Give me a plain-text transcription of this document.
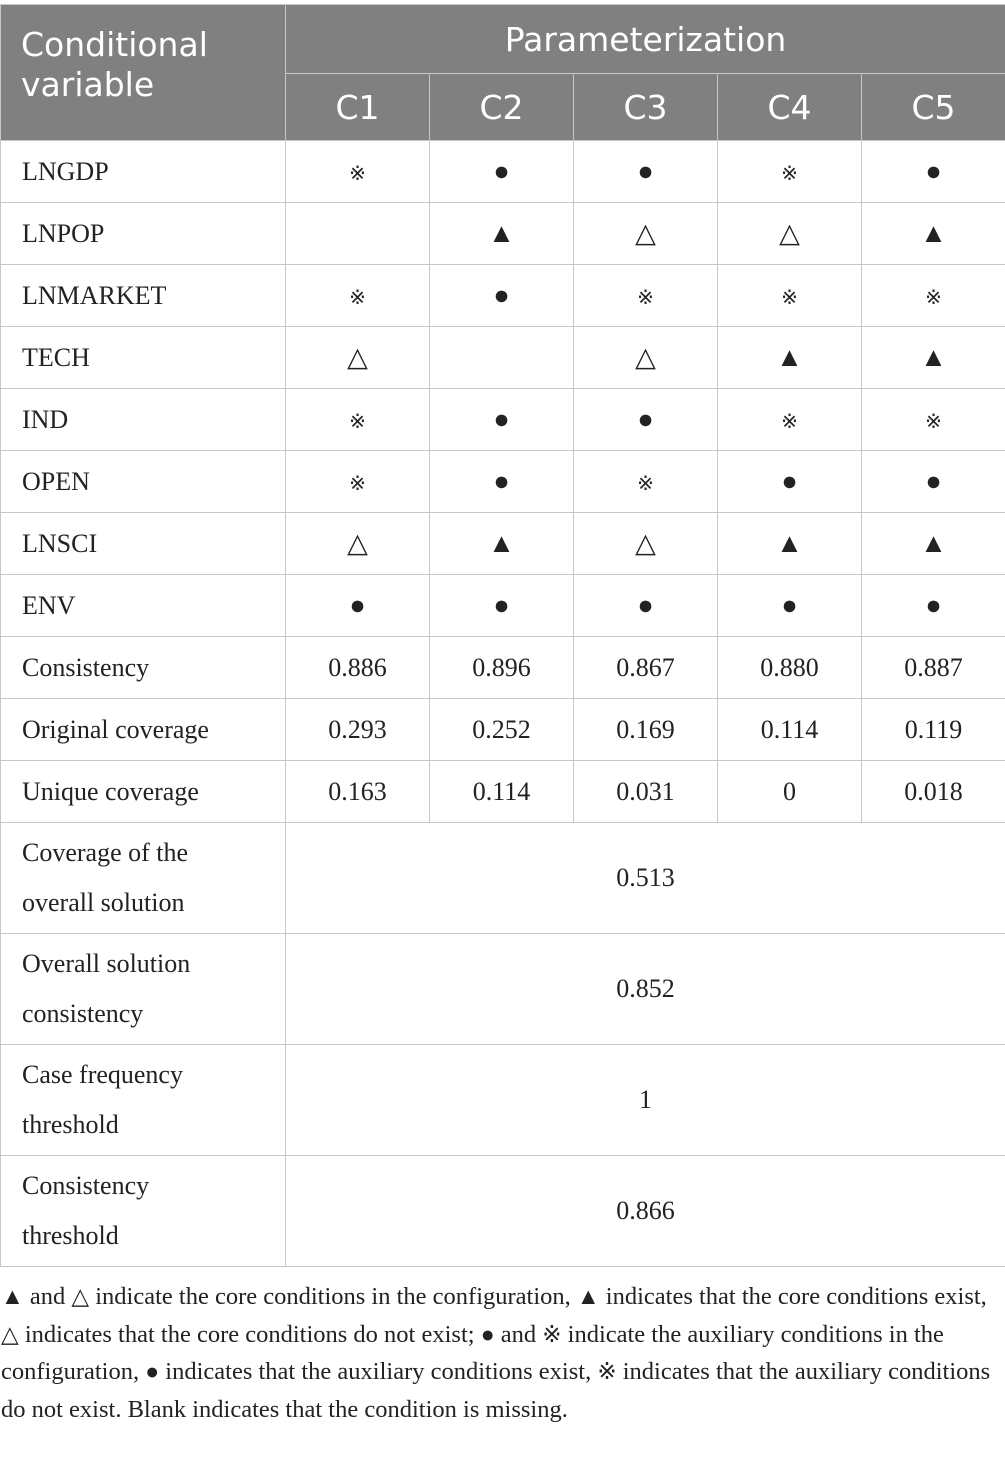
Conditional variable	Parameterization				
	C1	C2	C3	C4	C5
LNGDP	※	●	●	※	●
LNPOP		▲	△	△	▲
LNMARKET	※	●	※	※	※
TECH	△		△	▲	▲
IND	※	●	●	※	※
OPEN	※	●	※	●	●
LNSCI	△	▲	△	▲	▲
ENV	●	●	●	●	●
Consistency	0.886	0.896	0.867	0.880	0.887
Original coverage	0.293	0.252	0.169	0.114	0.119
Unique coverage	0.163	0.114	0.031	0	0.018

Coverage of the
overall solution	0.513				

Overall solution
consistency	0.852				

Case frequency
threshold	1				

Consistency
threshold	0.866				

▲ and △ indicate the core conditions in the configuration, ▲ indicates that the core conditions exist, △ indicates that the core conditions do not exist; ● and ※ indicate the auxiliary conditions in the configuration, ● indicates that the auxiliary conditions exist, ※ indicates that the auxiliary conditions do not exist. Blank indicates that the condition is missing.
